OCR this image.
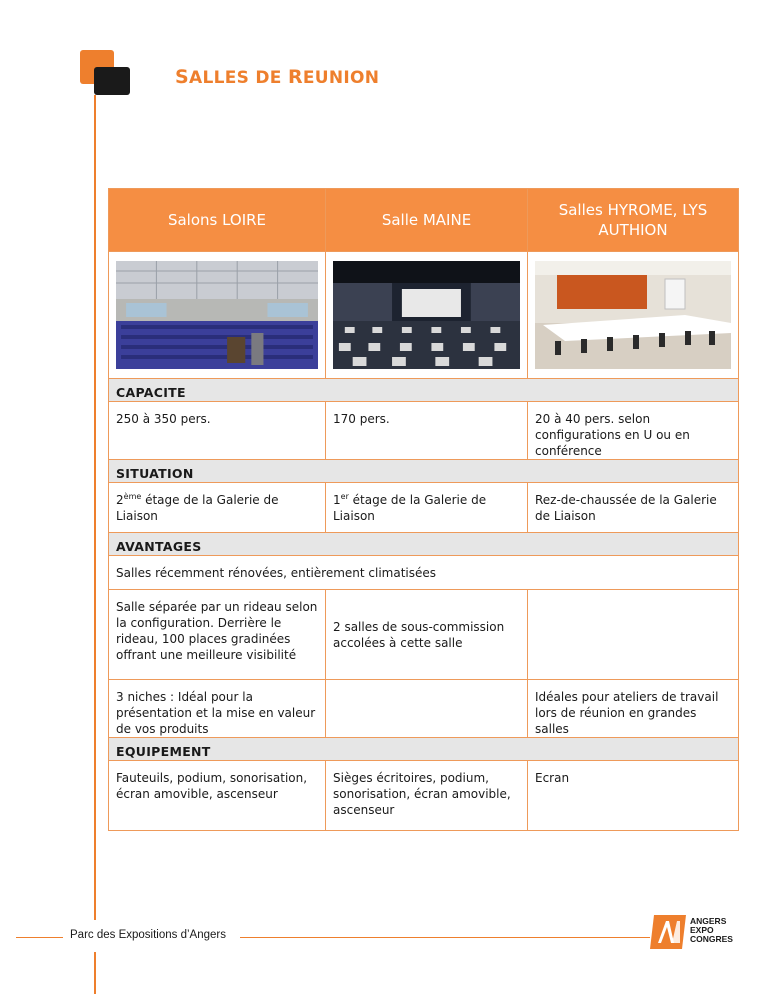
SALLES DE REUNION
Salons LOIRE	Salle MAINE	Salles HYROME, LYS AUTHION

CAPACITE		
250 à 350 pers.	170 pers.	20 à 40 pers. selon configurations en U ou en conférence
SITUATION		
2ème étage de la Galerie de Liaison	1er étage de la Galerie de Liaison	Rez-de-chaussée de la Galerie de Liaison
AVANTAGES		
Salles récemment rénovées, entièrement climatisées		
Salle séparée par un rideau selon la configuration. Derrière le rideau, 100 places gradinées offrant une meilleure visibilité	2 salles de sous-commission accolées à cette salle	
3 niches : Idéal pour la présentation et la mise en valeur de vos produits		Idéales pour ateliers de travail lors de réunion en grandes salles
EQUIPEMENT		
Fauteuils, podium, sonorisation, écran amovible, ascenseur	Sièges écritoires, podium, sonorisation, écran amovible, ascenseur	Ecran
Parc des Expositions d’Angers
ANGERS
EXPO
CONGRES
